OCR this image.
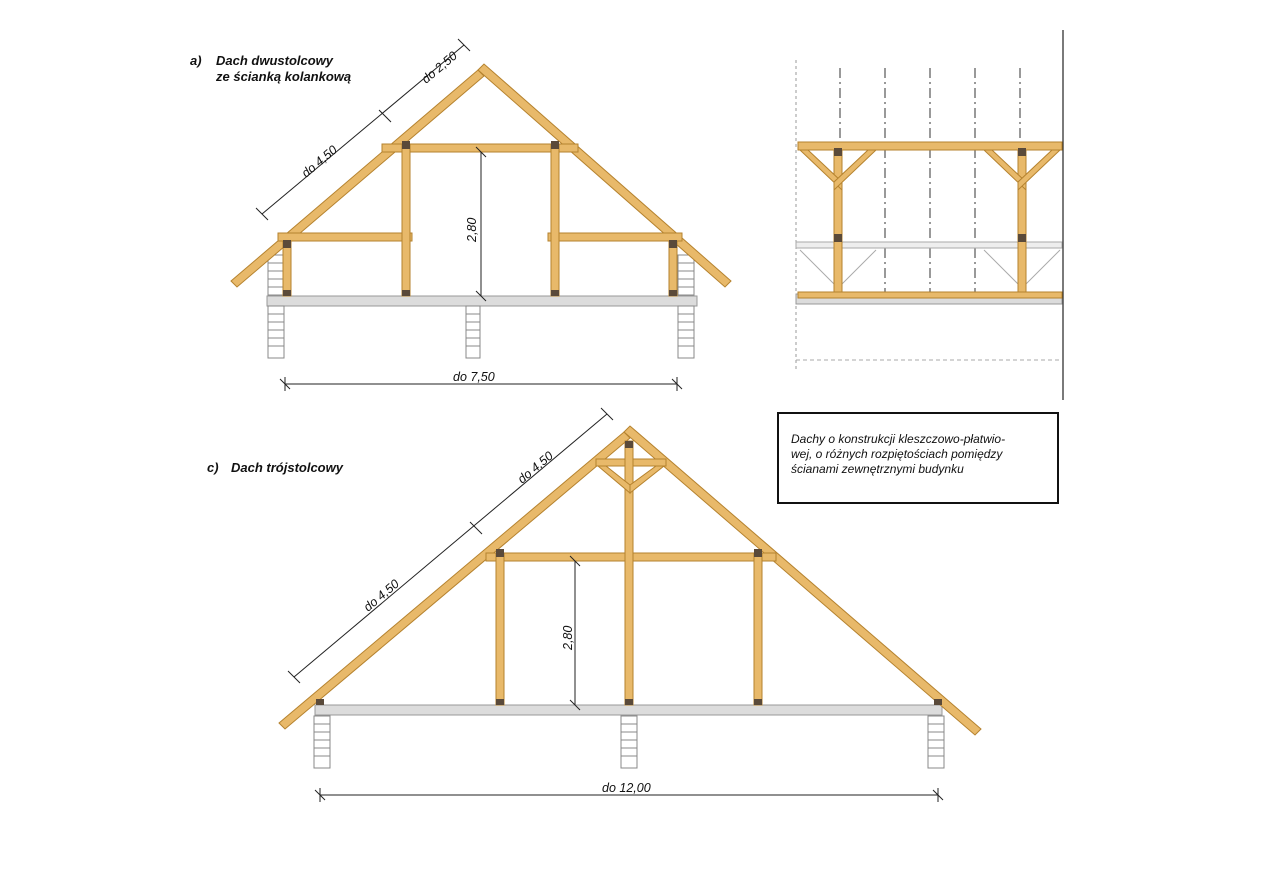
a) Dach dwustolcowy
ze ścianką kolankową	do 2,50
do 4,50
2,80
do 7,50
c) Dach trójstolcowy	do 4,50
do 4,50
2,80
do 12,00
Dachy o konstrukcji kleszczowo-płatwio-
wej, o różnych rozpiętościach pomiędzy
ścianami zewnętrznymi budynku
